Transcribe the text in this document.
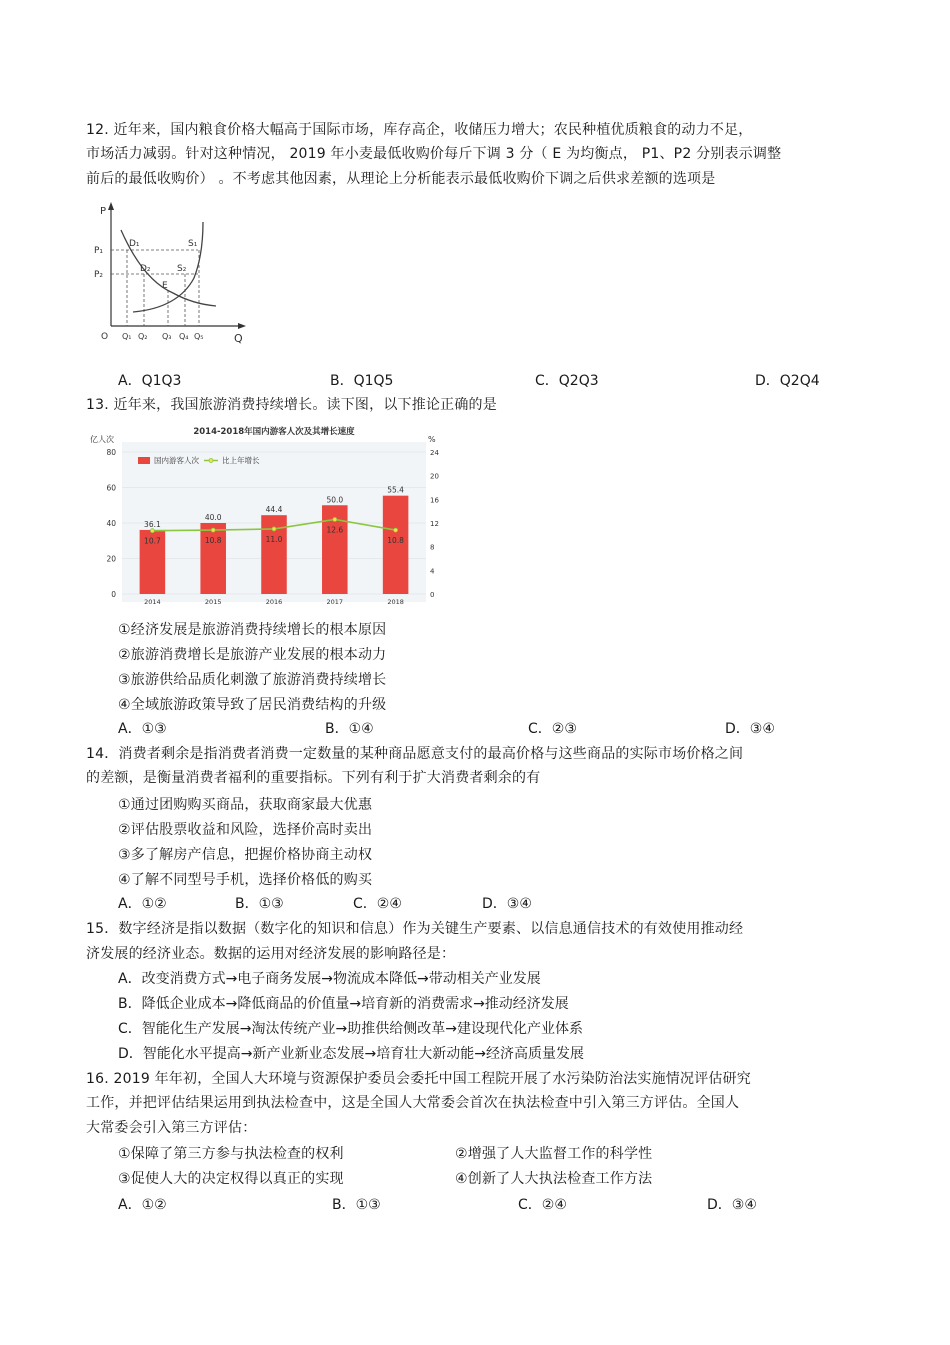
12. 近年来，国内粮食价格大幅高于国际市场，库存高企，收储压力增大；农民种植优质粮食的动力不足，
市场活力减弱。针对这种情况， 2019 年小麦最低收购价每斤下调 3 分（ E 为均衡点， P1、P2 分别表示调整
前后的最低收购价） 。不考虑其他因素，从理论上分析能表示最低收购价下调之后供求差额的选项是
P
Q
O
P₁
P₂
D₁
D₂
S₁
S₂
E
Q₁ Q₂ Q₃ Q₄ Q₅
A．Q1Q3	B．Q1Q5	C．Q2Q3	D．Q2Q4
13. 近年来，我国旅游消费持续增长。读下图，以下推论正确的是
2014-2018年国内游客人次及其增长速度
亿人次	%
36.1
40.0
44.4
50.0
55.4
10.7	10.8	11.0
12.6
10.8
0
20
40
60
80
0
4
8
12
16
20
24
2014	2015	2016	2017	2018
国内游客人次	比上年增长
①经济发展是旅游消费持续增长的根本原因
②旅游消费增长是旅游产业发展的根本动力
③旅游供给品质化刺激了旅游消费持续增长
④全域旅游政策导致了居民消费结构的升级
A．①③	B．①④	C．②③	D．③④
14．消费者剩余是指消费者消费一定数量的某种商品愿意支付的最高价格与这些商品的实际市场价格之间
的差额，是衡量消费者福利的重要指标。下列有利于扩大消费者剩余的有
①通过团购购买商品，获取商家最大优惠
②评估股票收益和风险，选择价高时卖出
③多了解房产信息，把握价格协商主动权
④了解不同型号手机，选择价格低的购买
A．①②	B．①③	C．②④	D．③④
15．数字经济是指以数据（数字化的知识和信息）作为关键生产要素、以信息通信技术的有效使用推动经
济发展的经济业态。数据的运用对经济发展的影响路径是：
A．改变消费方式→电子商务发展→物流成本降低→带动相关产业发展
B．降低企业成本→降低商品的价值量→培育新的消费需求→推动经济发展
C．智能化生产发展→淘汰传统产业→助推供给侧改革→建设现代化产业体系
D．智能化水平提高→新产业新业态发展→培育壮大新动能→经济高质量发展
16. 2019 年年初，全国人大环境与资源保护委员会委托中国工程院开展了水污染防治法实施情况评估研究
工作，并把评估结果运用到执法检查中，这是全国人大常委会首次在执法检查中引入第三方评估。全国人
大常委会引入第三方评估：
①保障了第三方参与执法检查的权利	②增强了人大监督工作的科学性
③促使人大的决定权得以真正的实现	④创新了人大执法检查工作方法
A．①②	B．①③	C．②④	D．③④
